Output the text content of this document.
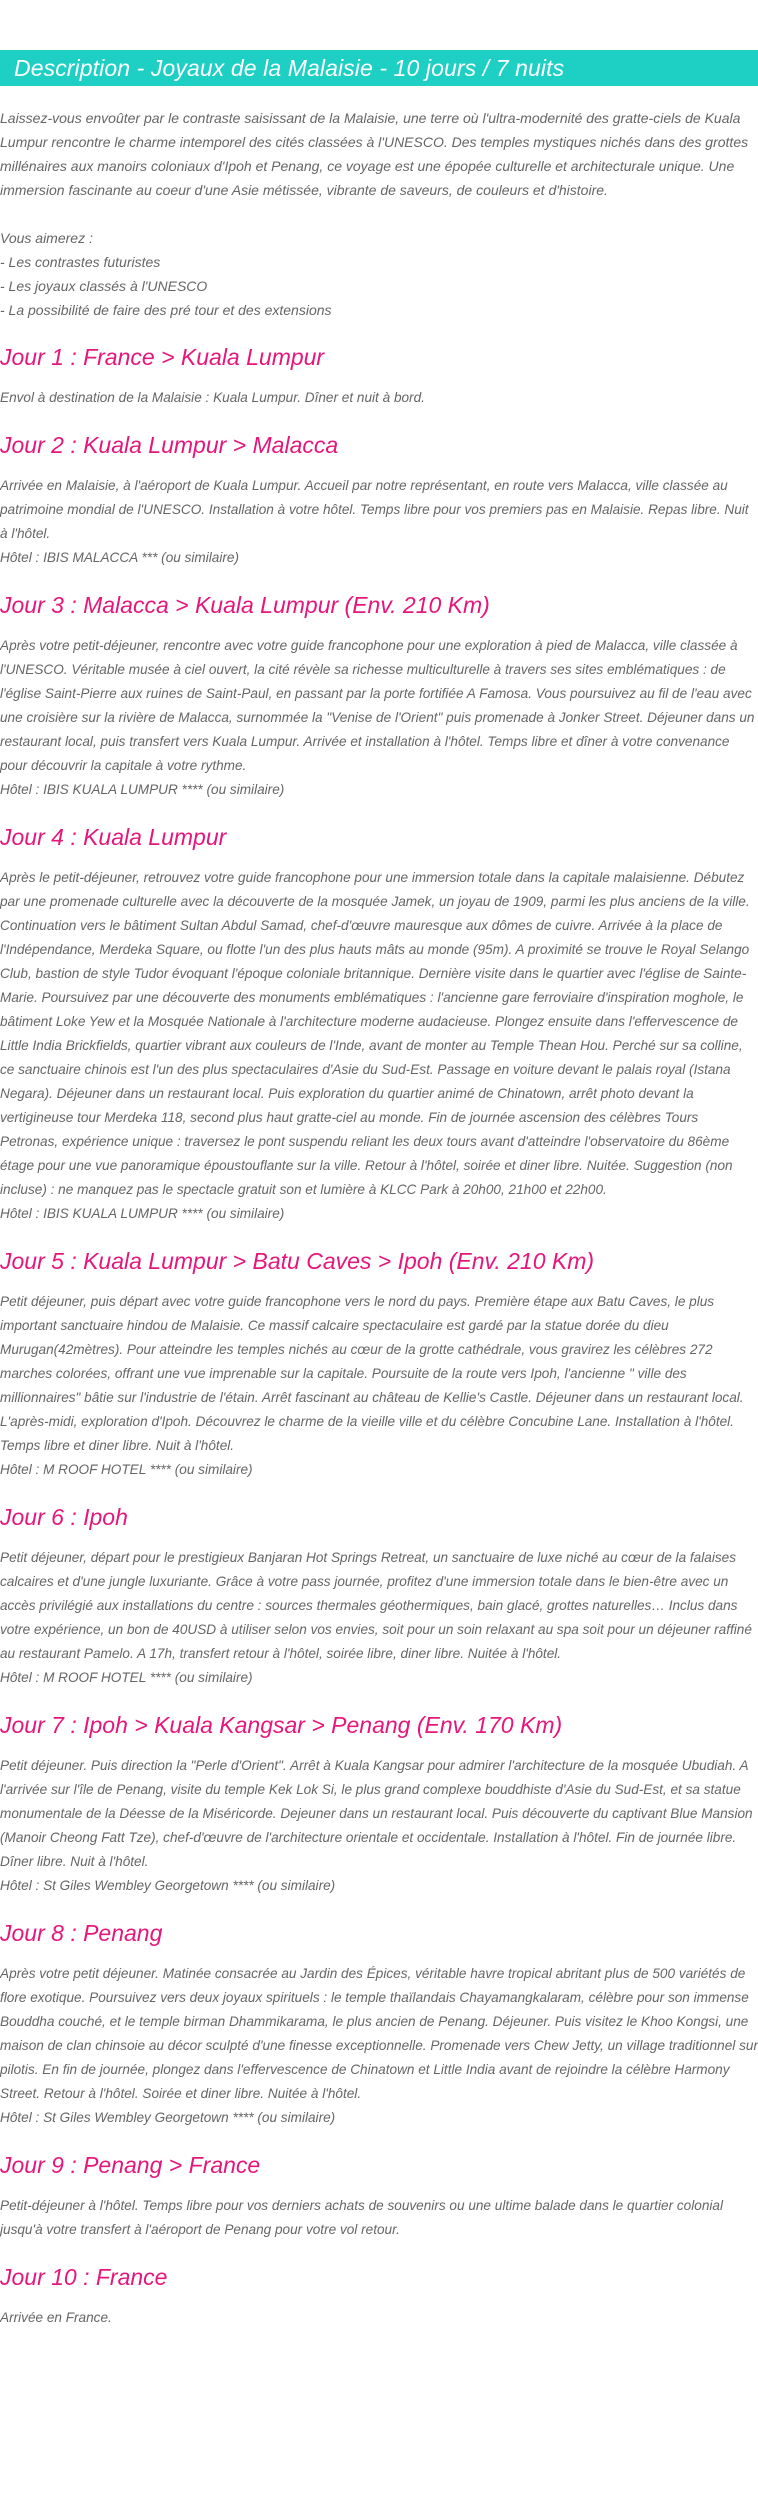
Description - Joyaux de la Malaisie - 10 jours / 7 nuits

Laissez-vous envoûter par le contraste saisissant de la Malaisie, une terre où l'ultra-modernité des gratte-ciels de Kuala Lumpur rencontre le charme intemporel des cités classées à l'UNESCO. Des temples mystiques nichés dans des grottes millénaires aux manoirs coloniaux d'Ipoh et Penang, ce voyage est une épopée culturelle et architecturale unique. Une immersion fascinante au coeur d'une Asie métissée, vibrante de saveurs, de couleurs et d'histoire.

Vous aimerez :

- Les contrastes futuristes

- Les joyaux classés à l'UNESCO

- La possibilité de faire des pré tour et des extensions

Jour 1 : France > Kuala Lumpur

Envol à destination de la Malaisie : Kuala Lumpur. Dîner et nuit à bord.

Jour 2 : Kuala Lumpur > Malacca

Arrivée en Malaisie, à l'aéroport de Kuala Lumpur. Accueil par notre représentant, en route vers Malacca, ville classée au patrimoine mondial de l'UNESCO. Installation à votre hôtel. Temps libre pour vos premiers pas en Malaisie. Repas libre. Nuit à l'hôtel.

Hôtel : IBIS MALACCA *** (ou similaire)

Jour 3 : Malacca > Kuala Lumpur (Env. 210 Km)

Après votre petit-déjeuner, rencontre avec votre guide francophone pour une exploration à pied de Malacca, ville classée à l'UNESCO. Véritable musée à ciel ouvert, la cité révèle sa richesse multiculturelle à travers ses sites emblématiques : de l'église Saint-Pierre aux ruines de Saint-Paul, en passant par la porte fortifiée A Famosa. Vous poursuivez au fil de l'eau avec une croisière sur la rivière de Malacca, surnommée la "Venise de l'Orient" puis promenade à Jonker Street. Déjeuner dans un restaurant local, puis transfert vers Kuala Lumpur. Arrivée et installation à l'hôtel. Temps libre et dîner à votre convenance pour découvrir la capitale à votre rythme.

Hôtel : IBIS KUALA LUMPUR **** (ou similaire)

Jour 4 : Kuala Lumpur

Après le petit-déjeuner, retrouvez votre guide francophone pour une immersion totale dans la capitale malaisienne. Débutez par une promenade culturelle avec la découverte de la mosquée Jamek, un joyau de 1909, parmi les plus anciens de la ville. Continuation vers le bâtiment Sultan Abdul Samad, chef-d'œuvre mauresque aux dômes de cuivre. Arrivée à la place de l'Indépendance, Merdeka Square, ou flotte l'un des plus hauts mâts au monde (95m). A proximité se trouve le Royal Selango Club, bastion de style Tudor évoquant l'époque coloniale britannique. Dernière visite dans le quartier avec l'église de Sainte-Marie. Poursuivez par une découverte des monuments emblématiques : l'ancienne gare ferroviaire d'inspiration moghole, le bâtiment Loke Yew et la Mosquée Nationale à l'architecture moderne audacieuse. Plongez ensuite dans l'effervescence de Little India Brickfields, quartier vibrant aux couleurs de l'Inde, avant de monter au Temple Thean Hou. Perché sur sa colline, ce sanctuaire chinois est l'un des plus spectaculaires d'Asie du Sud-Est. Passage en voiture devant le palais royal (Istana Negara). Déjeuner dans un restaurant local. Puis exploration du quartier animé de Chinatown, arrêt photo devant la vertigineuse tour Merdeka 118, second plus haut gratte-ciel au monde. Fin de journée ascension des célèbres Tours Petronas, expérience unique : traversez le pont suspendu reliant les deux tours avant d'atteindre l'observatoire du 86ème étage pour une vue panoramique époustouflante sur la ville. Retour à l'hôtel, soirée et diner libre. Nuitée. Suggestion (non incluse) : ne manquez pas le spectacle gratuit son et lumière à KLCC Park à 20h00, 21h00 et 22h00.

Hôtel : IBIS KUALA LUMPUR **** (ou similaire)

Jour 5 : Kuala Lumpur > Batu Caves > Ipoh (Env. 210 Km)

Petit déjeuner, puis départ avec votre guide francophone vers le nord du pays. Première étape aux Batu Caves, le plus important sanctuaire hindou de Malaisie. Ce massif calcaire spectaculaire est gardé par la statue dorée du dieu Murugan(42mètres). Pour atteindre les temples nichés au cœur de la grotte cathédrale, vous gravirez les célèbres 272 marches colorées, offrant une vue imprenable sur la capitale. Poursuite de la route vers Ipoh, l'ancienne " ville des millionnaires" bâtie sur l'industrie de l'étain. Arrêt fascinant au château de Kellie's Castle. Déjeuner dans un restaurant local. L'après-midi, exploration d'Ipoh. Découvrez le charme de la vieille ville et du célèbre Concubine Lane. Installation à l'hôtel. Temps libre et diner libre. Nuit à l'hôtel.

Hôtel : M ROOF HOTEL **** (ou similaire)

Jour 6 : Ipoh

Petit déjeuner, départ pour le prestigieux Banjaran Hot Springs Retreat, un sanctuaire de luxe niché au cœur de la falaises calcaires et d'une jungle luxuriante. Grâce à votre pass journée, profitez d'une immersion totale dans le bien-être avec un accès privilégié aux installations du centre : sources thermales géothermiques, bain glacé, grottes naturelles… Inclus dans votre expérience, un bon de 40USD à utiliser selon vos envies, soit pour un soin relaxant au spa soit pour un déjeuner raffiné au restaurant Pamelo. A 17h, transfert retour à l'hôtel, soirée libre, diner libre. Nuitée à l'hôtel.

Hôtel : M ROOF HOTEL **** (ou similaire)

Jour 7 : Ipoh > Kuala Kangsar > Penang (Env. 170 Km)

Petit déjeuner. Puis direction la "Perle d'Orient". Arrêt à Kuala Kangsar pour admirer l'architecture de la mosquée Ubudiah. A l'arrivée sur l'île de Penang, visite du temple Kek Lok Si, le plus grand complexe bouddhiste d'Asie du Sud-Est, et sa statue monumentale de la Déesse de la Miséricorde. Dejeuner dans un restaurant local. Puis découverte du captivant Blue Mansion (Manoir Cheong Fatt Tze), chef-d'œuvre de l'architecture orientale et occidentale. Installation à l'hôtel. Fin de journée libre. Dîner libre. Nuit à l'hôtel.

Hôtel : St Giles Wembley Georgetown **** (ou similaire)

Jour 8 : Penang

Après votre petit déjeuner. Matinée consacrée au Jardin des Épices, véritable havre tropical abritant plus de 500 variétés de flore exotique. Poursuivez vers deux joyaux spirituels : le temple thaïlandais Chayamangkalaram, célèbre pour son immense Bouddha couché, et le temple birman Dhammikarama, le plus ancien de Penang. Déjeuner. Puis visitez le Khoo Kongsi, une maison de clan chinsoie au décor sculpté d'une finesse exceptionnelle. Promenade vers Chew Jetty, un village traditionnel sur pilotis. En fin de journée, plongez dans l'effervescence de Chinatown et Little India avant de rejoindre la célèbre Harmony Street. Retour à l'hôtel. Soirée et diner libre. Nuitée à l'hôtel.

Hôtel : St Giles Wembley Georgetown **** (ou similaire)

Jour 9 : Penang > France

Petit-déjeuner à l'hôtel. Temps libre pour vos derniers achats de souvenirs ou une ultime balade dans le quartier colonial jusqu'à votre transfert à l'aéroport de Penang pour votre vol retour.

Jour 10 : France

Arrivée en France.
